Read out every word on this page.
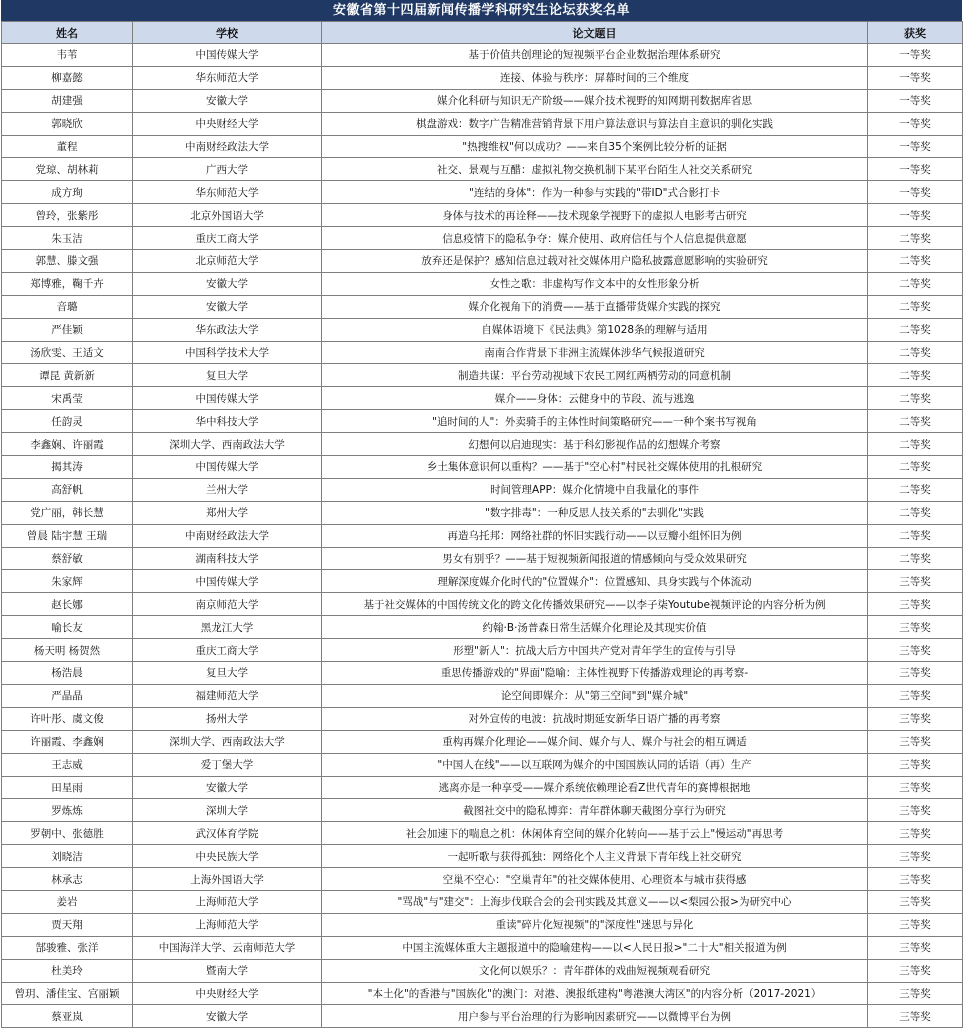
安徽省第十四届新闻传播学科研究生论坛获奖名单
姓名	学校	论文题目	获奖
韦苇	中国传媒大学	基于价值共创理论的短视频平台企业数据治理体系研究	一等奖
柳嘉懿	华东师范大学	连接、体验与秩序：屏幕时间的三个维度	一等奖
胡建强	安徽大学	媒介化科研与知识无产阶级——媒介技术视野的知网期刊数据库省思	一等奖
郭晓欣	中央财经大学	棋盘游戏：数字广告精准营销背景下用户算法意识与算法自主意识的驯化实践	一等奖
董程	中南财经政法大学	"热搜维权"何以成功？——来自35个案例比较分析的证据	一等奖
党琼、胡林莉	广西大学	社交、景观与互醋：虚拟礼物交换机制下某平台陌生人社交关系研究	一等奖
成方珣	华东师范大学	"连结的身体"：作为一种参与实践的"带ID"式合影打卡	一等奖
曾玲，张紫彤	北京外国语大学	身体与技术的再诠释——技术现象学视野下的虚拟人电影考古研究	一等奖
朱玉洁	重庆工商大学	信息疫情下的隐私争夺：媒介使用、政府信任与个人信息提供意愿	二等奖
郭慧、滕文强	北京师范大学	放弃还是保护？感知信息过载对社交媒体用户隐私披露意愿影响的实验研究	二等奖
郑博雅，鞠千卉	安徽大学	女性之歌：非虚构写作文本中的女性形象分析	二等奖
音璐	安徽大学	媒介化视角下的消费——基于直播带货媒介实践的探究	二等奖
严佳颖	华东政法大学	自媒体语境下《民法典》第1028条的理解与适用	二等奖
汤欣雯、王适文	中国科学技术大学	南南合作背景下非洲主流媒体涉华气候报道研究	二等奖
谭昆 黄新新	复旦大学	制造共谋：平台劳动视域下农民工网红两栖劳动的同意机制	二等奖
宋禹莹	中国传媒大学	媒介——身体：云健身中的节段、流与逃逸	二等奖
任韵灵	华中科技大学	"追时间的人"：外卖骑手的主体性时间策略研究——一种个案书写视角	二等奖
李鑫娴、许丽霞	深圳大学、西南政法大学	幻想何以启迪现实：基于科幻影视作品的幻想媒介考察	二等奖
揭其涛	中国传媒大学	乡土集体意识何以重构？——基于"空心村"村民社交媒体使用的扎根研究	二等奖
高舒帆	兰州大学	时间管理APP：媒介化情境中自我量化的事件	二等奖
党广丽，韩长慧	郑州大学	"数字排毒"：一种反思人技关系的"去驯化"实践	二等奖
曾晨 陆宇慧 王瑞	中南财经政法大学	再造乌托邦：网络社群的怀旧实践行动——以豆瓣小组怀旧为例	二等奖
蔡舒敏	湖南科技大学	男女有别乎？——基于短视频新闻报道的情感倾向与受众效果研究	二等奖
朱家辉	中国传媒大学	理解深度媒介化时代的"位置媒介"：位置感知、具身实践与个体流动	三等奖
赵长娜	南京师范大学	基于社交媒体的中国传统文化的跨文化传播效果研究——以李子柒Youtube视频评论的内容分析为例	三等奖
喻长友	黑龙江大学	约翰·B·汤普森日常生活媒介化理论及其现实价值	三等奖
杨天明 杨贺然	重庆工商大学	形塑"新人"：抗战大后方中国共产党对青年学生的宣传与引导	三等奖
杨浩晨	复旦大学	重思传播游戏的"界面"隐喻：主体性视野下传播游戏理论的再考察-	三等奖
严晶晶	福建师范大学	论空间即媒介：从"第三空间"到"媒介城"	三等奖
许叶彤、虞文俊	扬州大学	对外宣传的电波：抗战时期延安新华日语广播的再考察	三等奖
许丽霞、李鑫娴	深圳大学、西南政法大学	重构再媒介化理论——媒介间、媒介与人、媒介与社会的相互调适	三等奖
王志威	爱丁堡大学	"中国人在线"——以互联网为媒介的中国国族认同的话语（再）生产	三等奖
田星雨	安徽大学	逃离亦是一种享受——媒介系统依赖理论看Z世代青年的赛博根据地	三等奖
罗炼炼	深圳大学	截图社交中的隐私博弈：青年群体聊天截图分享行为研究	三等奖
罗朝中、张德胜	武汉体育学院	社会加速下的喘息之机：休闲体育空间的媒介化转向——基于云上"慢运动"再思考	三等奖
刘晓洁	中央民族大学	一起听歌与获得孤独：网络化个人主义背景下青年线上社交研究	三等奖
林承志	上海外国语大学	空巢不空心："空巢青年"的社交媒体使用、心理资本与城市获得感	三等奖
姜岩	上海师范大学	"骂战"与"建交"：上海步伐联合会的会刊实践及其意义——以<梨园公报>为研究中心	三等奖
贾天翔	上海师范大学	重读"碎片化短视频"的"深度性"迷思与异化	三等奖
郜骏雅、张洋	中国海洋大学、云南师范大学	中国主流媒体重大主题报道中的隐喻建构——以<人民日报>"二十大"相关报道为例	三等奖
杜美玲	暨南大学	文化何以娱乐？：青年群体的戏曲短视频观看研究	三等奖
曾玥、潘佳宝、宫丽颖	中央财经大学	"本土化"的香港与"国族化"的澳门：对港、澳报纸建构"粤港澳大湾区"的内容分析（2017-2021）	三等奖
蔡亚岚	安徽大学	用户参与平台治理的行为影响因素研究——以微博平台为例	三等奖
